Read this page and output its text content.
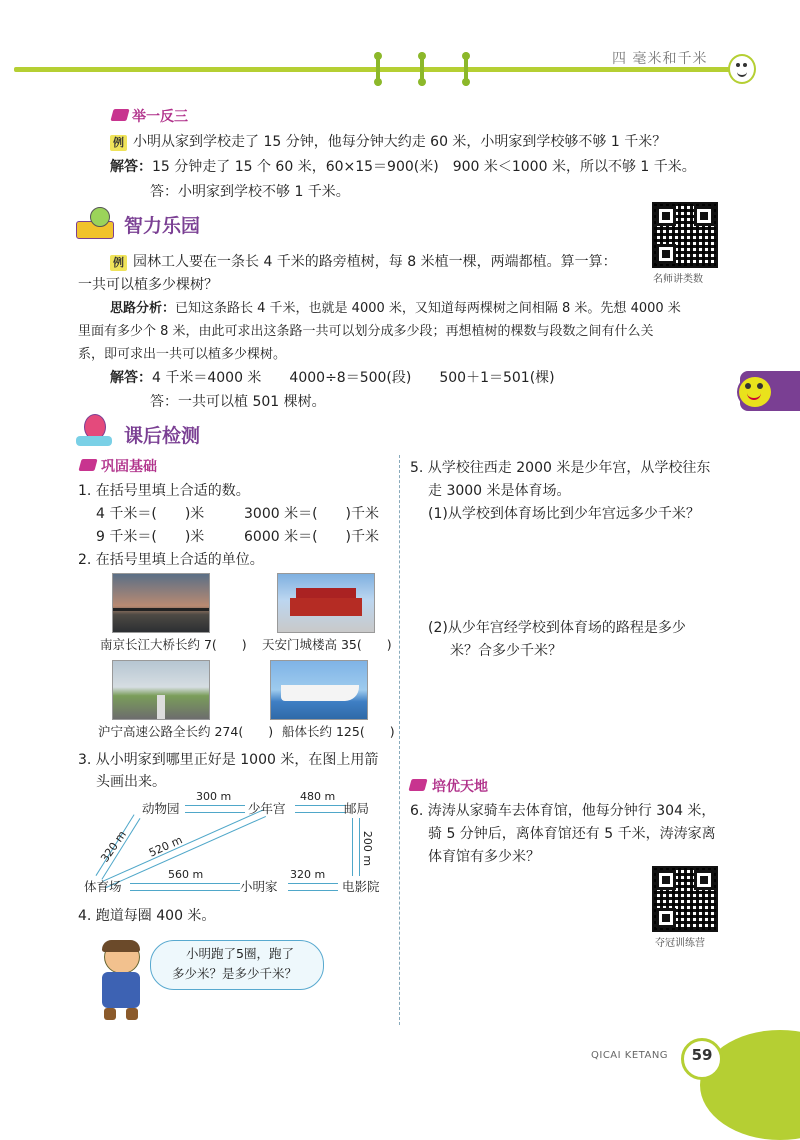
四 毫米和千米
举一反三
例 小明从家到学校走了 15 分钟，他每分钟大约走 60 米，小明家到学校够不够 1 千米？
解答：15 分钟走了 15 个 60 米，60×15＝900(米)　900 米＜1000 米，所以不够 1 千米。
答：小明家到学校不够 1 千米。
智力乐园
名师讲类数
例 园林工人要在一条长 4 千米的路旁植树，每 8 米植一棵，两端都植。算一算：
一共可以植多少棵树？
思路分析：已知这条路长 4 千米，也就是 4000 米，又知道每两棵树之间相隔 8 米。先想 4000 米
里面有多少个 8 米，由此可求出这条路一共可以划分成多少段；再想植树的棵数与段数之间有什么关
系，即可求出一共可以植多少棵树。
解答：4 千米＝4000 米　　4000÷8＝500(段)　　500＋1＝501(棵)
答：一共可以植 501 棵树。
课后检测
巩固基础
1. 在括号里填上合适的数。
4 千米＝(　　)米	3000 米＝(　　)千米
9 千米＝(　　)米	6000 米＝(　　)千米
2. 在括号里填上合适的单位。
南京长江大桥长约 7(　　) 天安门城楼高 35(　　)
沪宁高速公路全长约 274(　　) 船体长约 125(　　)
3. 从小明家到哪里正好是 1000 米，在图上用箭
头画出来。
动物园	少年宫	邮局
体育场	小明家	电影院
300 m	480 m
200 m
320 m 520 m
560 m	320 m
4. 跑道每圈 400 米。
小明跑了5圈，跑了
多少米？是多少千米？
5. 从学校往西走 2000 米是少年宫，从学校往东
走 3000 米是体育场。
(1)从学校到体育场比到少年宫远多少千米？
(2)从少年宫经学校到体育场的路程是多少
米？合多少千米？
培优天地
6. 涛涛从家骑车去体育馆，他每分钟行 304 米，
骑 5 分钟后，离体育馆还有 5 千米，涛涛家离
体育馆有多少米？
夺冠训练营
QICAI KETANG	59
